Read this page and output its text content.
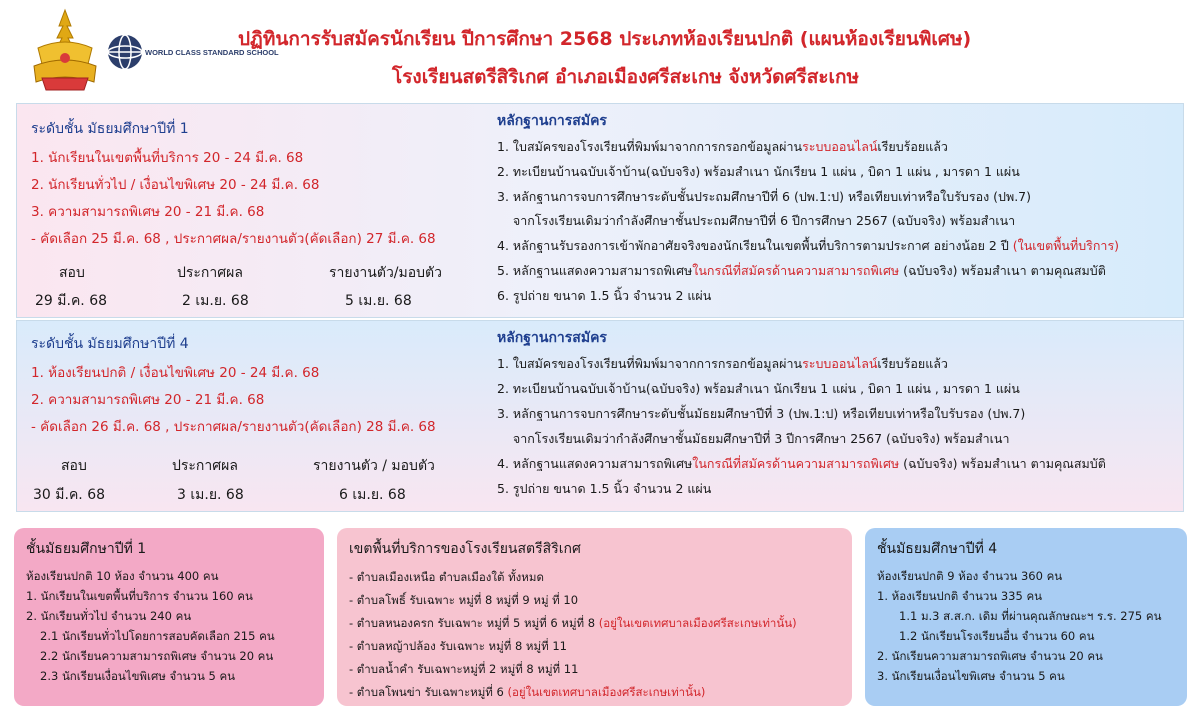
WORLD CLASS STANDARD SCHOOL
ปฏิทินการรับสมัครนักเรียน ปีการศึกษา 2568 ประเภทห้องเรียนปกติ (แผนห้องเรียนพิเศษ)
โรงเรียนสตรีสิริเกศ อำเภอเมืองศรีสะเกษ จังหวัดศรีสะเกษ
ระดับชั้น มัธยมศึกษาปีที่ 1
1. นักเรียนในเขตพื้นที่บริการ 20 - 24 มี.ค. 68
2. นักเรียนทั่วไป / เงื่อนไขพิเศษ 20 - 24 มี.ค. 68
3. ความสามารถพิเศษ 20 - 21 มี.ค. 68
- คัดเลือก 25 มี.ค. 68 , ประกาศผล/รายงานตัว(คัดเลือก) 27 มี.ค. 68
สอบ	ประกาศผล	รายงานตัว/มอบตัว
29 มี.ค. 68	2 เม.ย. 68	5 เม.ย. 68
หลักฐานการสมัคร
1. ใบสมัครของโรงเรียนที่พิมพ์มาจากการกรอกข้อมูลผ่านระบบออนไลน์เรียบร้อยแล้ว
2. ทะเบียนบ้านฉบับเจ้าบ้าน(ฉบับจริง) พร้อมสำเนา นักเรียน 1 แผ่น , บิดา 1 แผ่น , มารดา 1 แผ่น
3. หลักฐานการจบการศึกษาระดับชั้นประถมศึกษาปีที่ 6 (ปพ.1:ป) หรือเทียบเท่าหรือใบรับรอง (ปพ.7)
จากโรงเรียนเดิมว่ากำลังศึกษาชั้นประถมศึกษาปีที่ 6 ปีการศึกษา 2567 (ฉบับจริง) พร้อมสำเนา
4. หลักฐานรับรองการเข้าพักอาศัยจริงของนักเรียนในเขตพื้นที่บริการตามประกาศ อย่างน้อย 2 ปี (ในเขตพื้นที่บริการ)
5. หลักฐานแสดงความสามารถพิเศษในกรณีที่สมัครด้านความสามารถพิเศษ (ฉบับจริง) พร้อมสำเนา ตามคุณสมบัติ
6. รูปถ่าย ขนาด 1.5 นิ้ว จำนวน 2 แผ่น
ระดับชั้น มัธยมศึกษาปีที่ 4
1. ห้องเรียนปกติ / เงื่อนไขพิเศษ 20 - 24 มี.ค. 68
2. ความสามารถพิเศษ 20 - 21 มี.ค. 68
- คัดเลือก 26 มี.ค. 68 , ประกาศผล/รายงานตัว(คัดเลือก) 28 มี.ค. 68
สอบ	ประกาศผล	รายงานตัว / มอบตัว
30 มี.ค. 68	3 เม.ย. 68	6 เม.ย. 68
หลักฐานการสมัคร
1. ใบสมัครของโรงเรียนที่พิมพ์มาจากการกรอกข้อมูลผ่านระบบออนไลน์เรียบร้อยแล้ว
2. ทะเบียนบ้านฉบับเจ้าบ้าน(ฉบับจริง) พร้อมสำเนา นักเรียน 1 แผ่น , บิดา 1 แผ่น , มารดา 1 แผ่น
3. หลักฐานการจบการศึกษาระดับชั้นมัธยมศึกษาปีที่ 3 (ปพ.1:ป) หรือเทียบเท่าหรือใบรับรอง (ปพ.7)
จากโรงเรียนเดิมว่ากำลังศึกษาชั้นมัธยมศึกษาปีที่ 3 ปีการศึกษา 2567 (ฉบับจริง) พร้อมสำเนา
4. หลักฐานแสดงความสามารถพิเศษในกรณีที่สมัครด้านความสามารถพิเศษ (ฉบับจริง) พร้อมสำเนา ตามคุณสมบัติ
5. รูปถ่าย ขนาด 1.5 นิ้ว จำนวน 2 แผ่น
ชั้นมัธยมศึกษาปีที่ 1
ห้องเรียนปกติ 10 ห้อง จำนวน 400 คน
1. นักเรียนในเขตพื้นที่บริการ จำนวน 160 คน
2. นักเรียนทั่วไป จำนวน 240 คน
2.1 นักเรียนทั่วไปโดยการสอบคัดเลือก 215 คน
2.2 นักเรียนความสามารถพิเศษ จำนวน 20 คน
2.3 นักเรียนเงื่อนไขพิเศษ จำนวน 5 คน
เขตพื้นที่บริการของโรงเรียนสตรีสิริเกศ
- ตำบลเมืองเหนือ ตำบลเมืองใต้ ทั้งหมด
- ตำบลโพธิ์ รับเฉพาะ หมู่ที่ 8 หมู่ที่ 9 หมู่ ที่ 10
- ตำบลหนองครก รับเฉพาะ หมู่ที่ 5 หมู่ที่ 6 หมู่ที่ 8 (อยู่ในเขตเทศบาลเมืองศรีสะเกษเท่านั้น)
- ตำบลหญ้าปล้อง รับเฉพาะ หมู่ที่ 8 หมู่ที่ 11
- ตำบลน้ำคำ รับเฉพาะหมู่ที่ 2 หมู่ที่ 8 หมู่ที่ 11
- ตำบลโพนข่า รับเฉพาะหมู่ที่ 6 (อยู่ในเขตเทศบาลเมืองศรีสะเกษเท่านั้น)
ชั้นมัธยมศึกษาปีที่ 4
ห้องเรียนปกติ 9 ห้อง จำนวน 360 คน
1. ห้องเรียนปกติ จำนวน 335 คน
1.1 ม.3 ส.ส.ก. เดิม ที่ผ่านคุณลักษณะฯ ร.ร. 275 คน
1.2 นักเรียนโรงเรียนอื่น จำนวน 60 คน
2. นักเรียนความสามารถพิเศษ จำนวน 20 คน
3. นักเรียนเงื่อนไขพิเศษ จำนวน 5 คน
